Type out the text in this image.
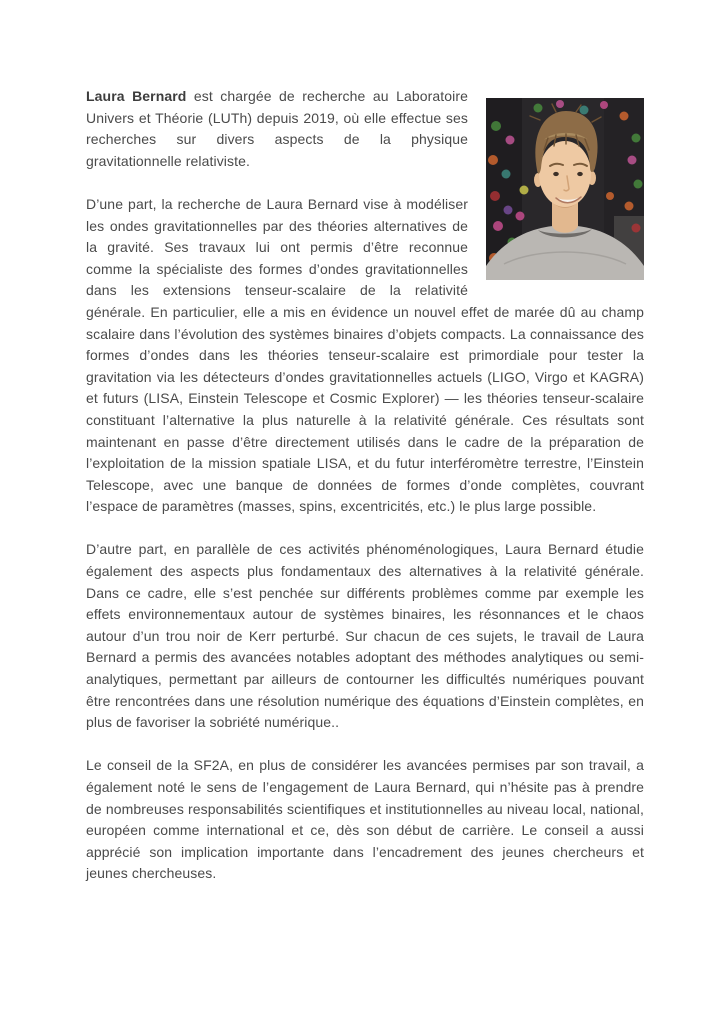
Laura Bernard est chargée de recherche au Laboratoire Univers et Théorie (LUTh) depuis 2019, où elle effectue ses recherches sur divers aspects de la physique gravitationnelle relativiste.

D’une part, la recherche de Laura Bernard vise à modéliser les ondes gravitationnelles par des théories alternatives de la gravité. Ses travaux lui ont permis d’être reconnue comme la spécialiste des formes d’ondes gravitationnelles dans les extensions tenseur-scalaire de la relativité générale. En particulier, elle a mis en évidence un nouvel effet de marée dû au champ scalaire dans l’évolution des systèmes binaires d’objets compacts. La connaissance des formes d’ondes dans les théories tenseur-scalaire est primordiale pour tester la gravitation via les détecteurs d’ondes gravitationnelles actuels (LIGO, Virgo et KAGRA) et futurs (LISA, Einstein Telescope et Cosmic Explorer) — les théories tenseur-scalaire constituant l’alternative la plus naturelle à la relativité générale. Ces résultats sont maintenant en passe d’être directement utilisés dans le cadre de la préparation de l’exploitation de la mission spatiale LISA, et du futur interféromètre terrestre, l’Einstein Telescope, avec une banque de données de formes d’onde complètes, couvrant l’espace de paramètres (masses, spins, excentricités, etc.) le plus large possible.

D’autre part, en parallèle de ces activités phénoménologiques, Laura Bernard étudie également des aspects plus fondamentaux des alternatives à la relativité générale. Dans ce cadre, elle s’est penchée sur différents problèmes comme par exemple les effets environnementaux autour de systèmes binaires, les résonnances et le chaos autour d’un trou noir de Kerr perturbé. Sur chacun de ces sujets, le travail de Laura Bernard a permis des avancées notables adoptant des méthodes analytiques ou semi-analytiques, permettant par ailleurs de contourner les difficultés numériques pouvant être rencontrées dans une résolution numérique des équations d’Einstein complètes, en plus de favoriser la sobriété numérique..

Le conseil de la SF2A, en plus de considérer les avancées permises par son travail, a également noté le sens de l’engagement de Laura Bernard, qui n’hésite pas à prendre de nombreuses responsabilités scientifiques et institutionnelles au niveau local, national, européen comme international et ce, dès son début de carrière. Le conseil a aussi apprécié son implication importante dans l’encadrement des jeunes chercheurs et jeunes chercheuses.
